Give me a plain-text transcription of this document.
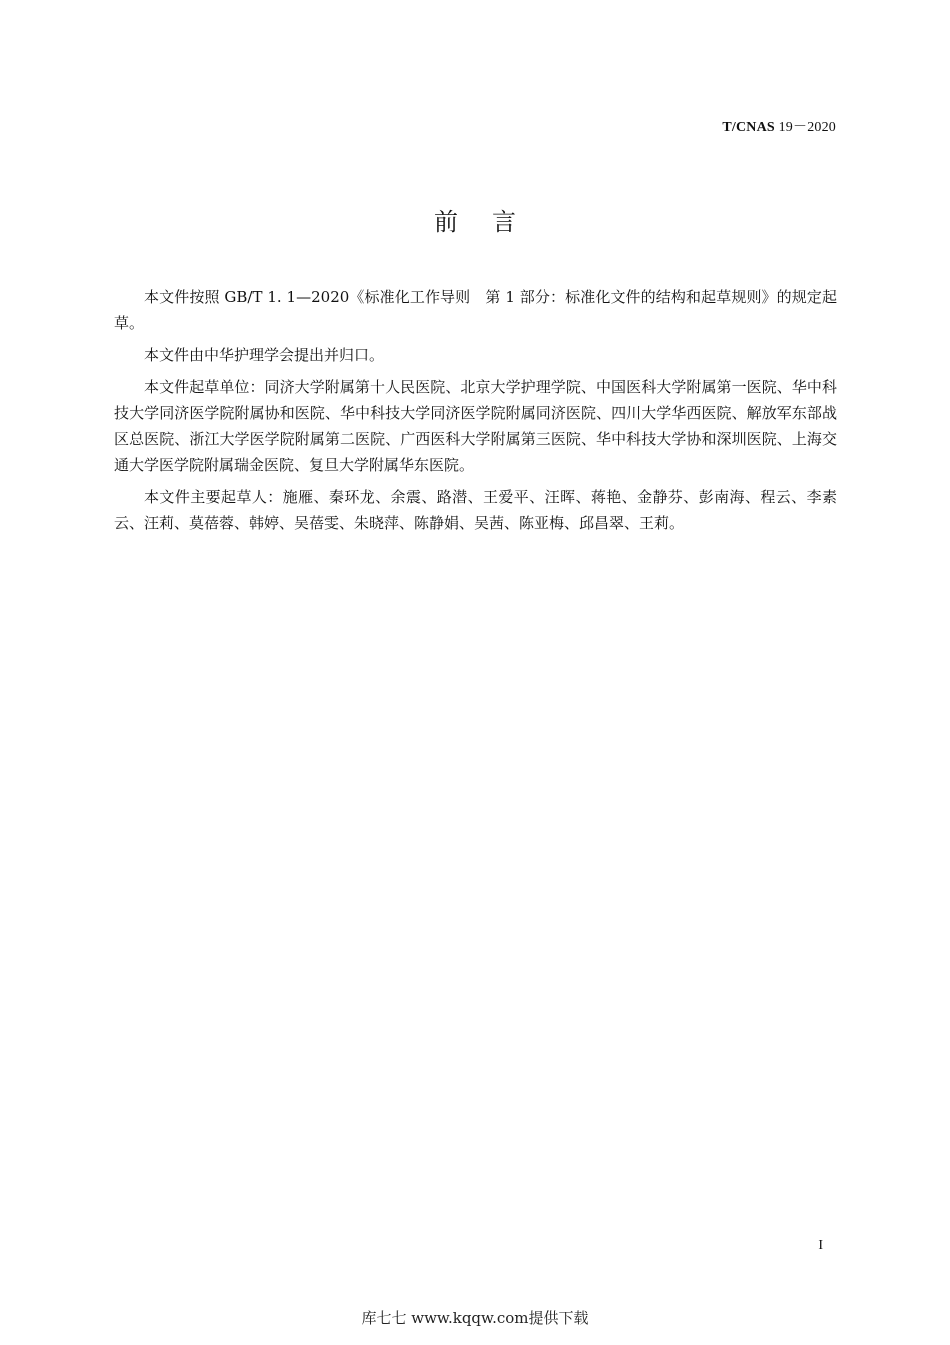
T/CNAS 19－2020
前言

本文件按照 GB/T 1. 1—2020《标准化工作导则　第 1 部分：标准化文件的结构和起草规则》的规定起草。

本文件由中华护理学会提出并归口。

本文件起草单位：同济大学附属第十人民医院、北京大学护理学院、中国医科大学附属第一医院、华中科技大学同济医学院附属协和医院、华中科技大学同济医学院附属同济医院、四川大学华西医院、解放军东部战区总医院、浙江大学医学院附属第二医院、广西医科大学附属第三医院、华中科技大学协和深圳医院、上海交通大学医学院附属瑞金医院、复旦大学附属华东医院。

本文件主要起草人：施雁、秦环龙、余震、路潜、王爱平、汪晖、蒋艳、金静芬、彭南海、程云、李素云、汪莉、莫蓓蓉、韩婷、吴蓓雯、朱晓萍、陈静娟、吴茜、陈亚梅、邱昌翠、王莉。

I
库七七 www.kqqw.com提供下载
